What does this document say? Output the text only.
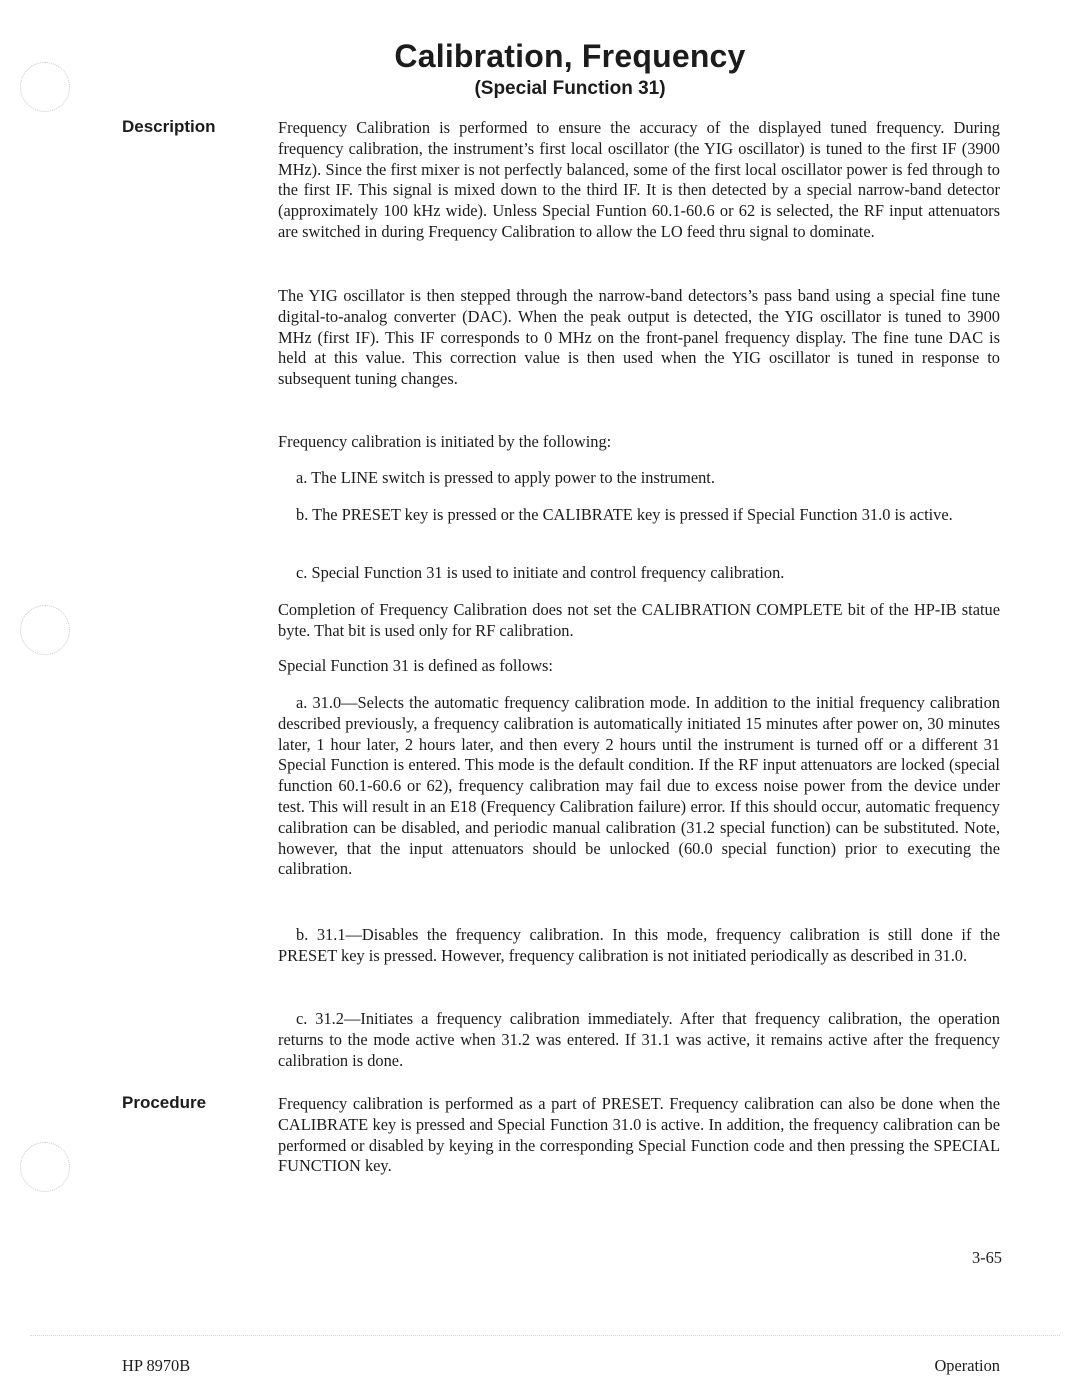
Calibration, Frequency
(Special Function 31)
Description	Frequency Calibration is performed to ensure the accuracy of the displayed tuned frequency. During frequency calibration, the instrument’s first local oscillator (the YIG oscillator) is tuned to the first IF (3900 MHz). Since the first mixer is not perfectly balanced, some of the first local oscillator power is fed through to the first IF. This signal is mixed down to the third IF. It is then detected by a special narrow-band detector (approximately 100 kHz wide). Unless Special Funtion 60.1-60.6 or 62 is selected, the RF input attenuators are switched in during Frequency Calibration to allow the LO feed thru signal to dominate.

The YIG oscillator is then stepped through the narrow-band detectors’s pass band using a special fine tune digital-to-analog converter (DAC). When the peak output is detected, the YIG oscillator is tuned to 3900 MHz (first IF). This IF corresponds to 0 MHz on the front-panel frequency display. The fine tune DAC is held at this value. This correction value is then used when the YIG oscillator is tuned in response to subsequent tuning changes.

Frequency calibration is initiated by the following:

a. The LINE switch is pressed to apply power to the instrument.

b. The PRESET key is pressed or the CALIBRATE key is pressed if Special Function 31.0 is active.

c. Special Function 31 is used to initiate and control frequency calibration.

Completion of Frequency Calibration does not set the CALIBRATION COMPLETE bit of the HP-IB statue byte. That bit is used only for RF calibration.

Special Function 31 is defined as follows:

a. 31.0—Selects the automatic frequency calibration mode. In addition to the initial frequency calibration described previously, a frequency calibration is automatically initiated 15 minutes after power on, 30 minutes later, 1 hour later, 2 hours later, and then every 2 hours until the instrument is turned off or a different 31 Special Function is entered. This mode is the default condition. If the RF input attenuators are locked (special function 60.1-60.6 or 62), frequency calibration may fail due to excess noise power from the device under test. This will result in an E18 (Frequency Calibration failure) error. If this should occur, automatic frequency calibration can be disabled, and periodic manual calibration (31.2 special function) can be substituted. Note, however, that the input attenuators should be unlocked (60.0 special function) prior to executing the calibration.

b. 31.1—Disables the frequency calibration. In this mode, frequency calibration is still done if the PRESET key is pressed. However, frequency calibration is not initiated periodically as described in 31.0.

c. 31.2—Initiates a frequency calibration immediately. After that frequency calibration, the operation returns to the mode active when 31.2 was entered. If 31.1 was active, it remains active after the frequency calibration is done.

Procedure	Frequency calibration is performed as a part of PRESET. Frequency calibration can also be done when the CALIBRATE key is pressed and Special Function 31.0 is active. In addition, the frequency calibration can be performed or disabled by keying in the corresponding Special Function code and then pressing the SPECIAL FUNCTION key.

3-65

HP 8970B	Operation
